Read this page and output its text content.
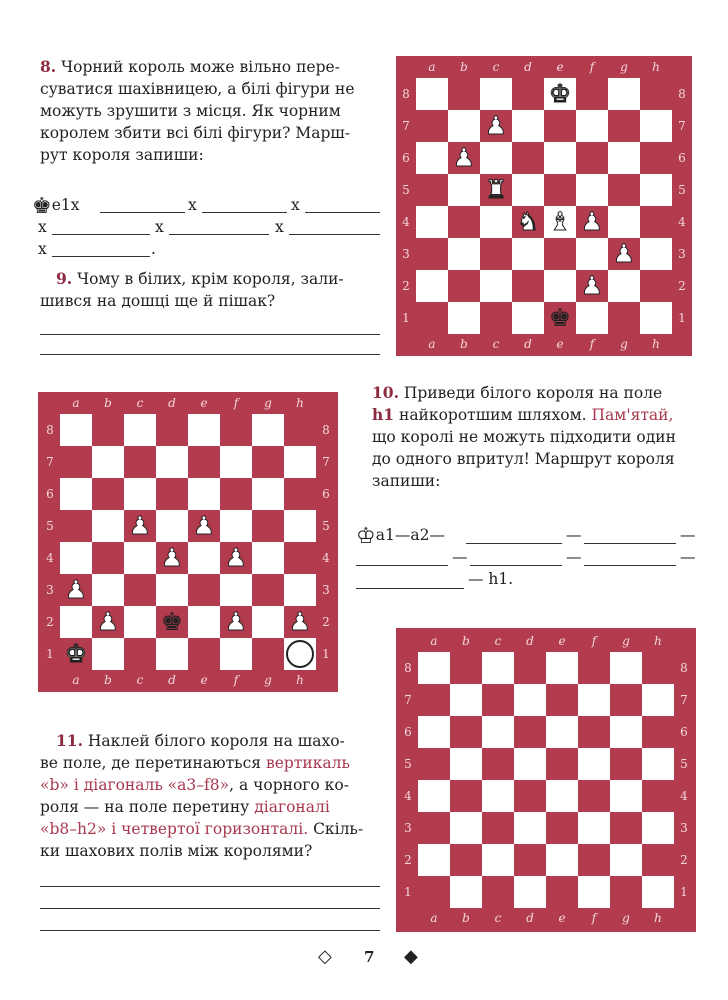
8. Чорний король може вільно пере-
суватися шахівницею, а білі фігури не
можуть зрушити з місця. Як чорним
королем збити всі білі фігури? Марш-
рут короля запиши:
♚e1x	x	x
x	x	x
x	.
9. Чому в білих, крім короля, зали-
шився на дошці ще й пішак?
10. Приведи білого короля на поле
h1 найкоротшим шляхом. Пам'ятай,
що королі не можуть підходити один
до одного впритул! Маршрут короля
запиши:
♔a1—a2—	—	—
—	—	—
— h1.
11. Наклей білого короля на шахо-
ве поле, де перетинаються вертикаль
«b» і діагональ «a3–f8», а чорного ко-
роля — на поле перетину діагоналі
«b8–h2» і четвертої горизонталі. Скіль-
ки шахових полів між королями?
a
a
b
b
c
c
d
d
e
e
f
f
g
g
h
h
8	8
7	7
6	6
5	5
4	4
3	3
2	2
1	1
♚
♟
♟
♜
♞ ♝ ♟
♟
♟
♚
a
a
b
b
c
c
d
d
e
e
f
f
g
g
h
h
8	8
7	7
6	6
5	5
4	4
3	3
2	2
1	1
♟ ♟
♟ ♟
♟
♟ ♚ ♟ ♟
♚	a
a
b
b
c
c
d
d
e
e
f
f
g
g
h
h
8	8
7	7
6	6
5	5
4	4
3	3
2	2
1	1
◇ 7 ◆
